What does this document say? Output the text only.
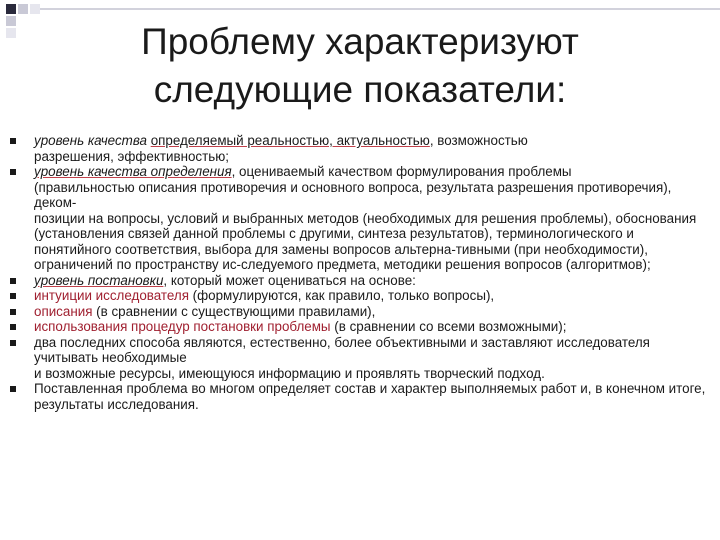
Проблему характеризуют
следующие показатели:
уровень качества определяемый реальностью, актуальностью, возможностью
разрешения, эффективностью;
уровень качества определения, оцениваемый качеством формулирования проблемы
(правильностью описания противоречия и основного вопроса, результата разрешения противоречия), деком-
позиции на вопросы, условий и выбранных методов (необходимых для решения проблемы), обоснования (установления связей данной проблемы с другими, синтеза результатов), терминологического и
понятийного соответствия, выбора для замены вопросов альтерна-тивными (при необходимости), ограничений по пространству ис-следуемого предмета, методики решения вопросов (алгоритмов);
уровень постановки, который может оцениваться на основе:
интуиции исследователя (формулируются, как правило, только вопросы),
описания (в сравнении с существующими правилами),
использования процедур постановки проблемы (в сравнении со всеми возможными);
два последних способа являются, естественно, более объективными и заставляют исследователя учитывать необходимые
и возможные ресурсы, имеющуюся информацию и проявлять творческий подход.
Поставленная проблема во многом определяет состав и характер выполняемых работ и, в конечном итоге, результаты исследования.
